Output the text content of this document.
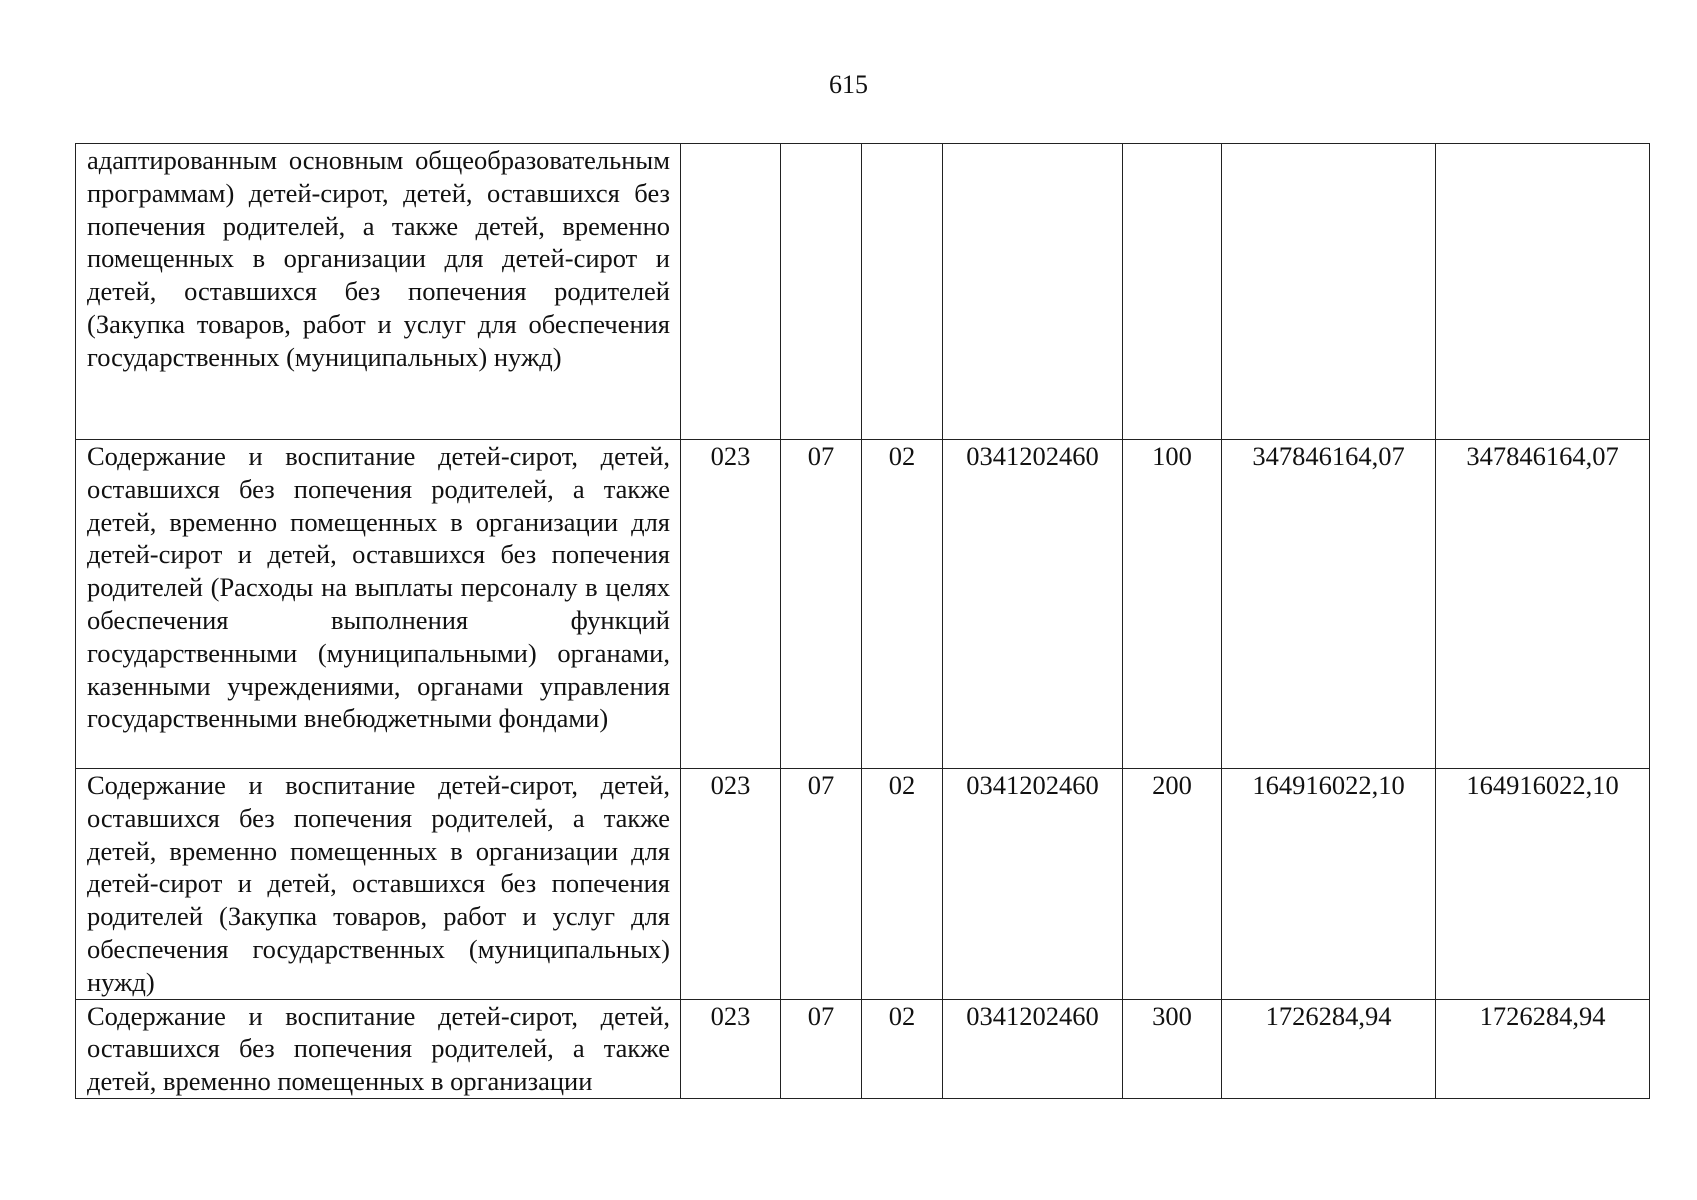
615
адаптированным основным общеобразовательным программам) детей-сирот, детей, оставшихся без попечения родителей, а также детей, временно помещенных в организации для детей-сирот и детей, оставшихся без попечения родителей (Закупка товаров, работ и услуг для обеспечения государственных (муниципальных) нужд)							
Содержание и воспитание детей-сирот, детей, оставшихся без попечения родителей, а также детей, временно помещенных в организации для детей-сирот и детей, оставшихся без попечения родителей (Расходы на выплаты персоналу в целях обеспечения выполнения функций государственными (муниципальными) органами, казенными учреждениями, органами управления государственными внебюджетными фондами)	023	07	02	0341202460	100	347846164,07	347846164,07
Содержание и воспитание детей-сирот, детей, оставшихся без попечения родителей, а также детей, временно помещенных в организации для детей-сирот и детей, оставшихся без попечения родителей (Закупка товаров, работ и услуг для обеспечения государственных (муниципальных) нужд)	023	07	02	0341202460	200	164916022,10	164916022,10
Содержание и воспитание детей-сирот, детей, оставшихся без попечения родителей, а также детей, временно помещенных в организации	023	07	02	0341202460	300	1726284,94	1726284,94
